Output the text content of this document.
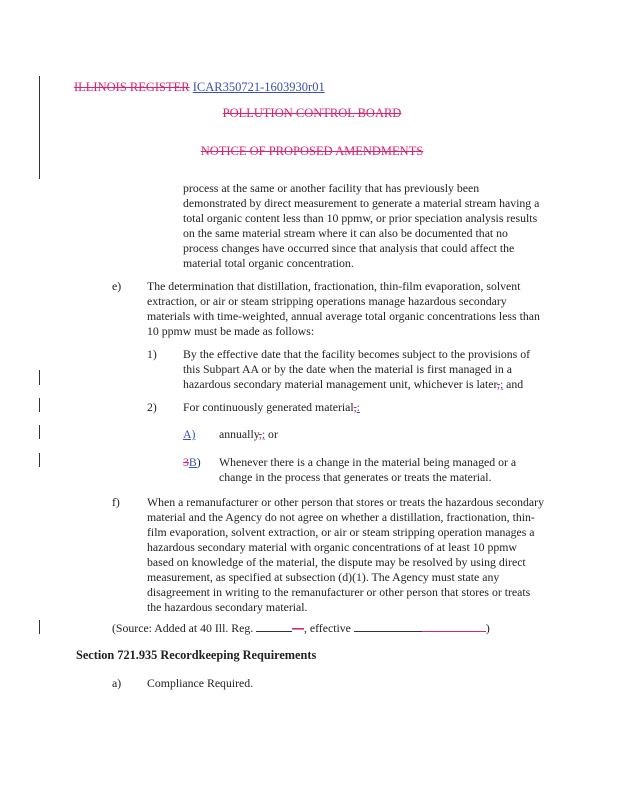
ILLINOIS REGISTER ICAR350721-1603930r01
POLLUTION CONTROL BOARD
NOTICE OF PROPOSED AMENDMENTS

process at the same or another facility that has previously been demonstrated by direct measurement to generate a material stream having a total organic content less than 10 ppmw, or prior speciation analysis results on the same material stream where it can also be documented that no process changes have occurred since that analysis that could affect the material total organic concentration.

e) The determination that distillation, fractionation, thin-film evaporation, solvent extraction, or air or steam stripping operations manage hazardous secondary materials with time-weighted, annual average total organic concentrations less than 10 ppmw must be made as follows:

1) By the effective date that the facility becomes subject to the provisions of this Subpart AA or by the date when the material is first managed in a hazardous secondary material management unit, whichever is later,; and

2) For continuously generated material,:

A) annually,; or

3B) Whenever there is a change in the material being managed or a change in the process that generates or treats the material.

f) When a remanufacturer or other person that stores or treats the hazardous secondary material and the Agency do not agree on whether a distillation, fractionation, thin-film evaporation, solvent extraction, or air or steam stripping operation manages a hazardous secondary material with organic concentrations of at least 10 ppmw based on knowledge of the material, the dispute may be resolved by using direct measurement, as specified at subsection (d)(1). The Agency must state any disagreement in writing to the remanufacturer or other person that stores or treats the hazardous secondary material.

(Source: Added at 40 Ill. Reg.	—, effective	)
Section 721.935 Recordkeeping Requirements
a) Compliance Required.
